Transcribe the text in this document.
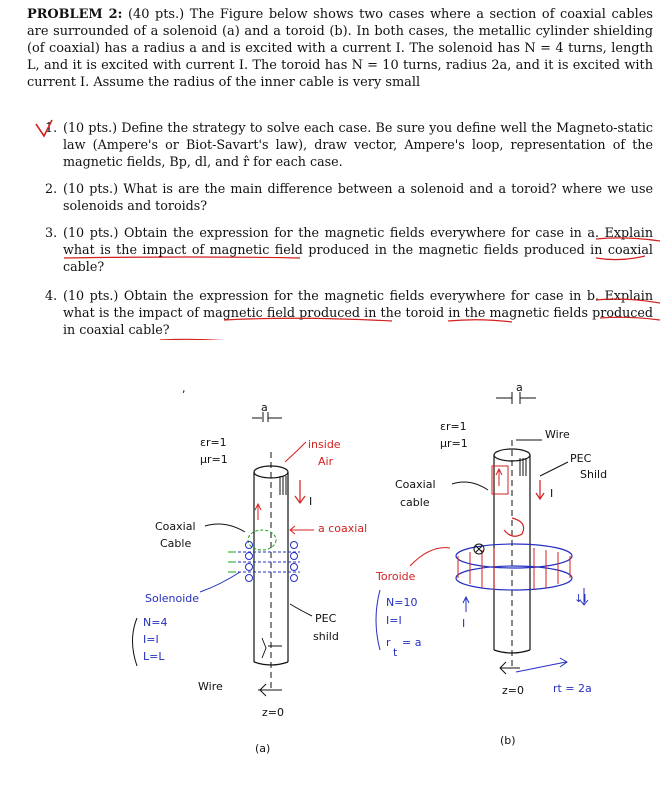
PROBLEM 2: (40 pts.) The Figure below shows two cases where a section of coaxial cables are surrounded of a solenoid (a) and a toroid (b). In both cases, the metallic cylinder shielding (of coaxial) has a radius a and is excited with a current I. The solenoid has N = 4 turns, length L, and it is excited with current I. The toroid has N = 10 turns, radius 2a, and it is excited with current I. Assume the radius of the inner cable is very small
1. (10 pts.) Define the strategy to solve each case. Be sure you define well the Magneto-static law (Ampere's or Biot-Savart's law), draw vector, Ampere's loop, representation of the magnetic fields, Bp, dl, and r̂ for each case.
2. (10 pts.) What is are the main difference between a solenoid and a toroid? where we use solenoids and toroids?
3. (10 pts.) Obtain the expression for the magnetic fields everywhere for case in a. Explain what is the impact of magnetic field produced in the magnetic fields produced in coaxial cable?
4. (10 pts.) Obtain the expression for the magnetic fields everywhere for case in b. Explain what is the impact of magnetic field produced in the toroid in the magnetic fields produced in coaxial cable?
a
εr=1
μr=1
inside
Air
I
a coaxial
Coaxial
Cable
Solenoide
N=4
I=I
L=L
PEC
shild
Wire
z=0
(a)
,	a
εr=1
μr=1
Wire
PEC
Shild
I
↓I
Coaxial
cable
Toroide
N=10
I=I
r
t
= a
I
z=0	rt = 2a
(b)
